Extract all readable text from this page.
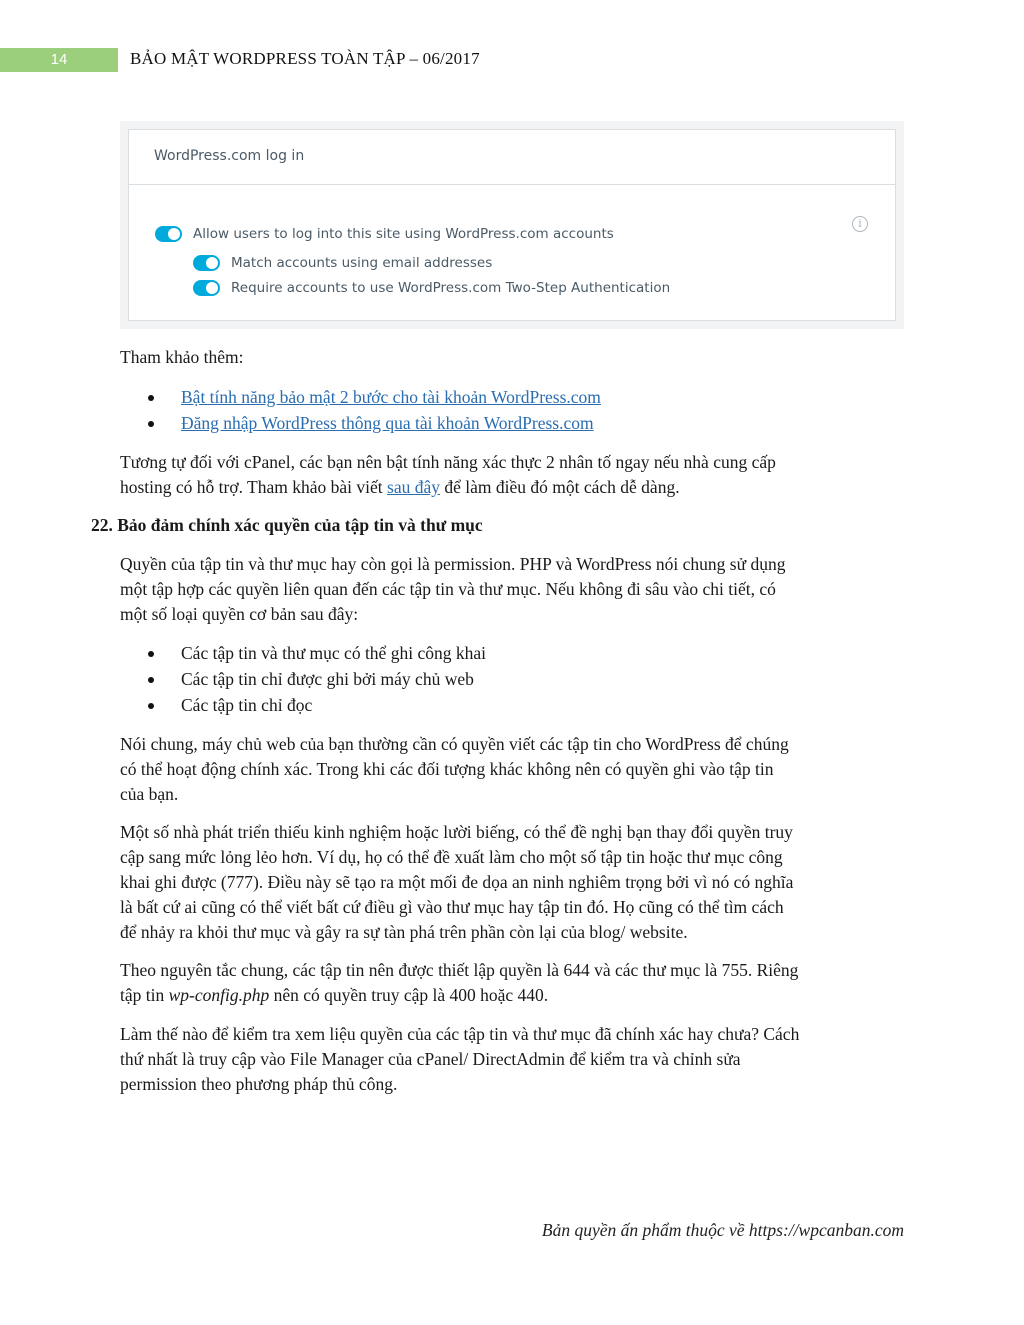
14	BẢO MẬT WORDPRESS TOÀN TẬP – 06/2017
WordPress.com log in
Allow users to log into this site using WordPress.com accounts
Match accounts using email addresses
Require accounts to use WordPress.com Two-Step Authentication
i
Tham khảo thêm:
Bật tính năng bảo mật 2 bước cho tài khoản WordPress.com
Đăng nhập WordPress thông qua tài khoản WordPress.com
Tương tự đối với cPanel, các bạn nên bật tính năng xác thực 2 nhân tố ngay nếu nhà cung cấp
hosting có hỗ trợ. Tham khảo bài viết sau đây để làm điều đó một cách dễ dàng.
22. Bảo đảm chính xác quyền của tập tin và thư mục
Quyền của tập tin và thư mục hay còn gọi là permission. PHP và WordPress nói chung sử dụng
một tập hợp các quyền liên quan đến các tập tin và thư mục. Nếu không đi sâu vào chi tiết, có
một số loại quyền cơ bản sau đây:
Các tập tin và thư mục có thể ghi công khai
Các tập tin chỉ được ghi bởi máy chủ web
Các tập tin chỉ đọc
Nói chung, máy chủ web của bạn thường cần có quyền viết các tập tin cho WordPress để chúng
có thể hoạt động chính xác. Trong khi các đối tượng khác không nên có quyền ghi vào tập tin
của bạn.
Một số nhà phát triển thiếu kinh nghiệm hoặc lười biếng, có thể đề nghị bạn thay đổi quyền truy
cập sang mức lỏng lẻo hơn. Ví dụ, họ có thể đề xuất làm cho một số tập tin hoặc thư mục công
khai ghi được (777). Điều này sẽ tạo ra một mối đe dọa an ninh nghiêm trọng bởi vì nó có nghĩa
là bất cứ ai cũng có thể viết bất cứ điều gì vào thư mục hay tập tin đó. Họ cũng có thể tìm cách
để nhảy ra khỏi thư mục và gây ra sự tàn phá trên phần còn lại của blog/ website.
Theo nguyên tắc chung, các tập tin nên được thiết lập quyền là 644 và các thư mục là 755. Riêng
tập tin wp-config.php nên có quyền truy cập là 400 hoặc 440.
Làm thế nào để kiểm tra xem liệu quyền của các tập tin và thư mục đã chính xác hay chưa? Cách
thứ nhất là truy cập vào File Manager của cPanel/ DirectAdmin để kiểm tra và chỉnh sửa
permission theo phương pháp thủ công.
Bản quyền ấn phẩm thuộc về https://wpcanban.com
